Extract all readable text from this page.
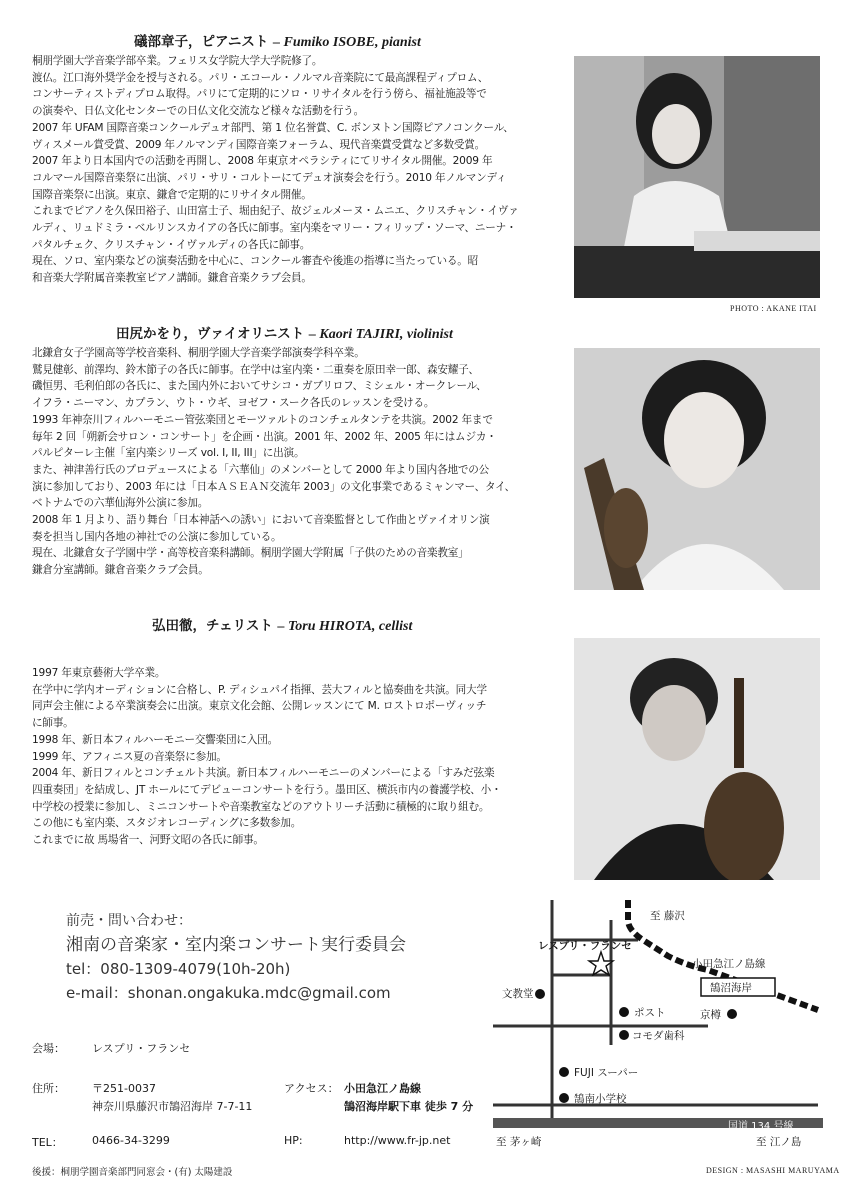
礒部章子，ピアニスト – Fumiko ISOBE, pianist
桐朋学園大学音楽学部卒業。フェリス女学院大学大学院修了。
渡仏。江口海外奨学金を授与される。パリ・エコール・ノルマル音楽院にて最高課程ディプロム、
コンサーティストディプロム取得。パリにて定期的にソロ・リサイタルを行う傍ら、福祉施設等で
の演奏や、日仏文化センターでの日仏文化交流など様々な活動を行う。
2007 年 UFAM 国際音楽コンクールデュオ部門、第 1 位名誉賞、C. ボンヌトン国際ピアノコンクール、
ヴィスメール賞受賞、2009 年ノルマンディ国際音楽フォーラム、現代音楽賞受賞など多数受賞。
2007 年より日本国内での活動を再開し、2008 年東京オペラシティにてリサイタル開催。2009 年
コルマール国際音楽祭に出演、パリ・サリ・コルトーにてデュオ演奏会を行う。2010 年ノルマンディ
国際音楽祭に出演。東京、鎌倉で定期的にリサイタル開催。
これまでピアノを久保田裕子、山田富士子、堀由紀子、故ジェルメーヌ・ムニエ、クリスチャン・イヴァ
ルディ、リュドミラ・ベルリンスカイアの各氏に師事。室内楽をマリー・フィリップ・ソーマ、ニーナ・
パタルチェク、クリスチャン・イヴァルディの各氏に師事。
現在、ソロ、室内楽などの演奏活動を中心に、コンクール審査や後進の指導に当たっている。昭
和音楽大学附属音楽教室ピアノ講師。鎌倉音楽クラブ会員。
PHOTO : AKANE ITAI
田尻かをり，ヴァイオリニスト – Kaori TAJIRI, violinist
北鎌倉女子学園高等学校音楽科、桐朋学園大学音楽学部演奏学科卒業。
鷲見健彰、前澤均、鈴木節子の各氏に師事。在学中は室内楽・二重奏を原田幸一郎、森安耀子、
磯恒男、毛利伯郎の各氏に、また国内外においてサシコ・ガブリロフ、ミシェル・オークレール、
イフラ・ニーマン、カプラン、ウト・ウギ、ヨゼフ・スーク各氏のレッスンを受ける。
1993 年神奈川フィルハーモニー管弦楽団とモーツァルトのコンチェルタンテを共演。2002 年まで
毎年 2 回「朔新会サロン・コンサート」を企画・出演。2001 年、2002 年、2005 年にはムジカ・
パルピターレ主催「室内楽シリーズ vol. I, II, III」に出演。
また、神津善行氏のプロデュースによる「六華仙」のメンバーとして 2000 年より国内各地での公
演に参加しており、2003 年には「日本ＡＳＥＡＮ交流年 2003」の文化事業であるミャンマー、タイ、
ベトナムでの六華仙海外公演に参加。
2008 年 1 月より、語り舞台「日本神話への誘い」において音楽監督として作曲とヴァイオリン演
奏を担当し国内各地の神社での公演に参加している。
現在、北鎌倉女子学園中学・高等校音楽科講師。桐朋学園大学附属「子供のための音楽教室」
鎌倉分室講師。鎌倉音楽クラブ会員。
弘田徹，チェリスト – Toru HIROTA, cellist
1997 年東京藝術大学卒業。
在学中に学内オーディションに合格し、P. ディシュパイ指揮、芸大フィルと協奏曲を共演。同大学
同声会主催による卒業演奏会に出演。東京文化会館、公開レッスンにて M. ロストロポーヴィッチ
に師事。
1998 年、新日本フィルハーモニー交響楽団に入団。
1999 年、アフィニス夏の音楽祭に参加。
2004 年、新日フィルとコンチェルト共演。新日本フィルハーモニーのメンバーによる「すみだ弦楽
四重奏団」を結成し、JT ホールにてデビューコンサートを行う。墨田区、横浜市内の養護学校、小・
中学校の授業に参加し、ミニコンサートや音楽教室などのアウトリーチ活動に積極的に取り組む。
この他にも室内楽、スタジオレコーディングに多数参加。
これまでに故 馬場省一、河野文昭の各氏に師事。
前売・問い合わせ：
湘南の音楽家・室内楽コンサート実行委員会
tel：080-1309-4079(10h-20h)
e-mail：shonan.ongakuka.mdc@gmail.com
会場： レスプリ・フランセ
住所： 〒251-0037
神奈川県藤沢市鵠沼海岸 7-7-11
アクセス： 小田急江ノ島線
鵠沼海岸駅下車 徒歩 7 分
TEL：	0466-34-3299	HP:	http://www.fr-jp.net
至 藤沢
レスプリ・フランセ
小田急江ノ島線
文教堂	鵠沼海岸
ポスト	京樽
コモダ歯科
FUJI スーパー
鵠南小学校
国道 134 号線
至 茅ヶ崎	至 江ノ島
後援：桐朋学園音楽部門同窓会・(有) 太陽建設	DESIGN : MASASHI MARUYAMA
